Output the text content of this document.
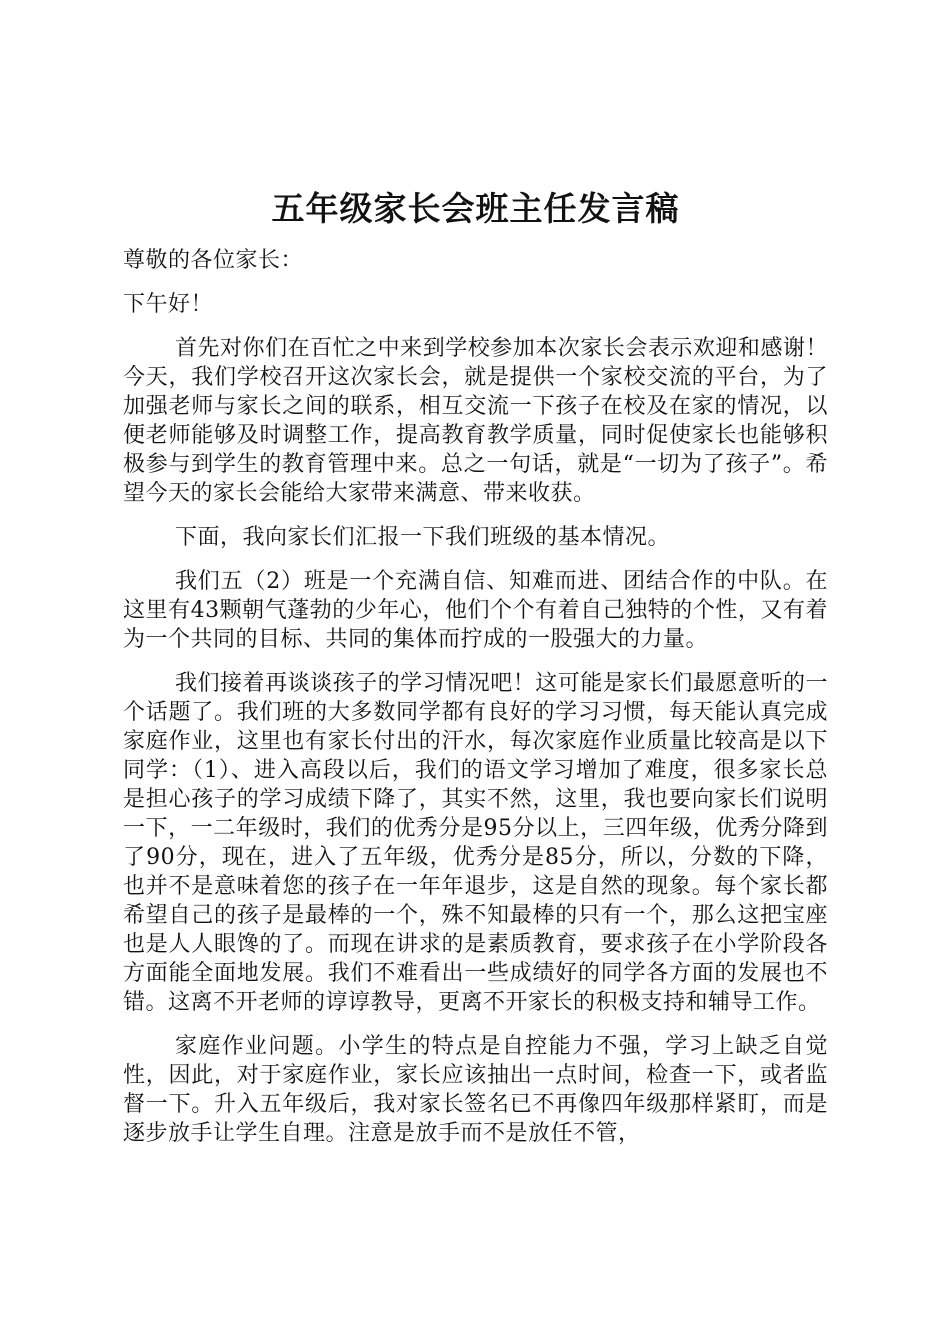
五年级家长会班主任发言稿

尊敬的各位家长：

下午好！

首先对你们在百忙之中来到学校参加本次家长会表示欢迎和感谢！今天，我们学校召开这次家长会，就是提供一个家校交流的平台，为了加强老师与家长之间的联系，相互交流一下孩子在校及在家的情况，以便老师能够及时调整工作，提高教育教学质量，同时促使家长也能够积极参与到学生的教育管理中来。总之一句话，就是“一切为了孩子”。希望今天的家长会能给大家带来满意、带来收获。

下面，我向家长们汇报一下我们班级的基本情况。

我们五（2）班是一个充满自信、知难而进、团结合作的中队。在这里有43颗朝气蓬勃的少年心，他们个个有着自己独特的个性，又有着为一个共同的目标、共同的集体而拧成的一股强大的力量。

我们接着再谈谈孩子的学习情况吧！这可能是家长们最愿意听的一个话题了。我们班的大多数同学都有良好的学习习惯，每天能认真完成家庭作业，这里也有家长付出的汗水，每次家庭作业质量比较高是以下同学：（1）、进入高段以后，我们的语文学习增加了难度，很多家长总是担心孩子的学习成绩下降了，其实不然，这里，我也要向家长们说明一下，一二年级时，我们的优秀分是95分以上，三四年级，优秀分降到了90分，现在，进入了五年级，优秀分是85分，所以，分数的下降，也并不是意味着您的孩子在一年年退步，这是自然的现象。每个家长都希望自己的孩子是最棒的一个，殊不知最棒的只有一个，那么这把宝座也是人人眼馋的了。而现在讲求的是素质教育，要求孩子在小学阶段各方面能全面地发展。我们不难看出一些成绩好的同学各方面的发展也不错。这离不开老师的谆谆教导，更离不开家长的积极支持和辅导工作。

家庭作业问题。小学生的特点是自控能力不强，学习上缺乏自觉性，因此，对于家庭作业，家长应该抽出一点时间，检查一下，或者监督一下。升入五年级后，我对家长签名已不再像四年级那样紧盯，而是逐步放手让学生自理。注意是放手而不是放任不管，
